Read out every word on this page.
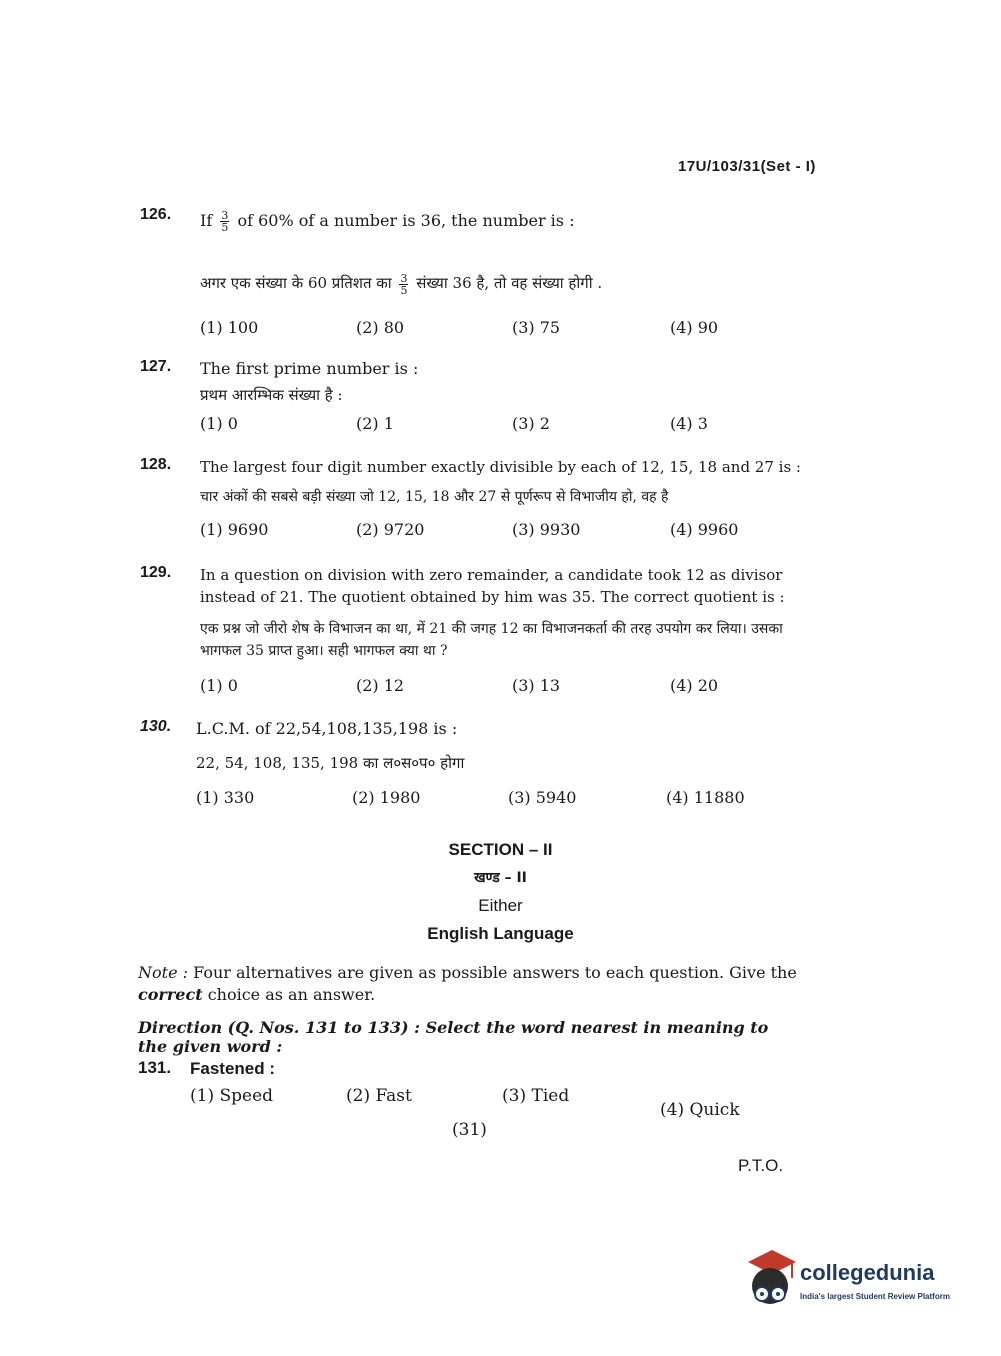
17U/103/31(Set - I)
126. If $\frac{3}{5}$ of 60% of a number is 36, the number is :
अगर एक संख्या के 60 प्रतिशत का $\frac{3}{5}$ संख्या 36 है, तो वह संख्या होगी .
(1) 100	(2) 80	(3) 75	(4) 90
127. The first prime number is :
प्रथम आरम्भिक संख्या है :
(1) 0	(2) 1	(3) 2	(4) 3
128. The largest four digit number exactly divisible by each of 12, 15, 18 and 27 is :
चार अंकों की सबसे बड़ी संख्या जो 12, 15, 18 और 27 से पूर्णरूप से विभाजीय हो, वह है
(1) 9690	(2) 9720	(3) 9930	(4) 9960
129. In a question on division with zero remainder, a candidate took 12 as divisor instead of 21. The quotient obtained by him was 35. The correct quotient is :
एक प्रश्न जो जीरो शेष के विभाजन का था, में 21 की जगह 12 का विभाजनकर्ता की तरह उपयोग कर लिया। उसका भागफल 35 प्राप्त हुआ। सही भागफल क्या था ?
(1) 0	(2) 12	(3) 13	(4) 20
130. L.C.M. of 22,54,108,135,198 is :
22, 54, 108, 135, 198 का ल०स०प० होगा
(1) 330	(2) 1980	(3) 5940	(4) 11880
SECTION – II
खण्ड – II
Either
English Language
Note : Four alternatives are given as possible answers to each question. Give the
correct choice as an answer.
Direction (Q. Nos. 131 to 133) : Select the word nearest in meaning to the given word :
131. Fastened :
(1) Speed	(2) Fast	(3) Tied
(4) Quick
(31)
P.T.O.
collegedunia
India's largest Student Review Platform
